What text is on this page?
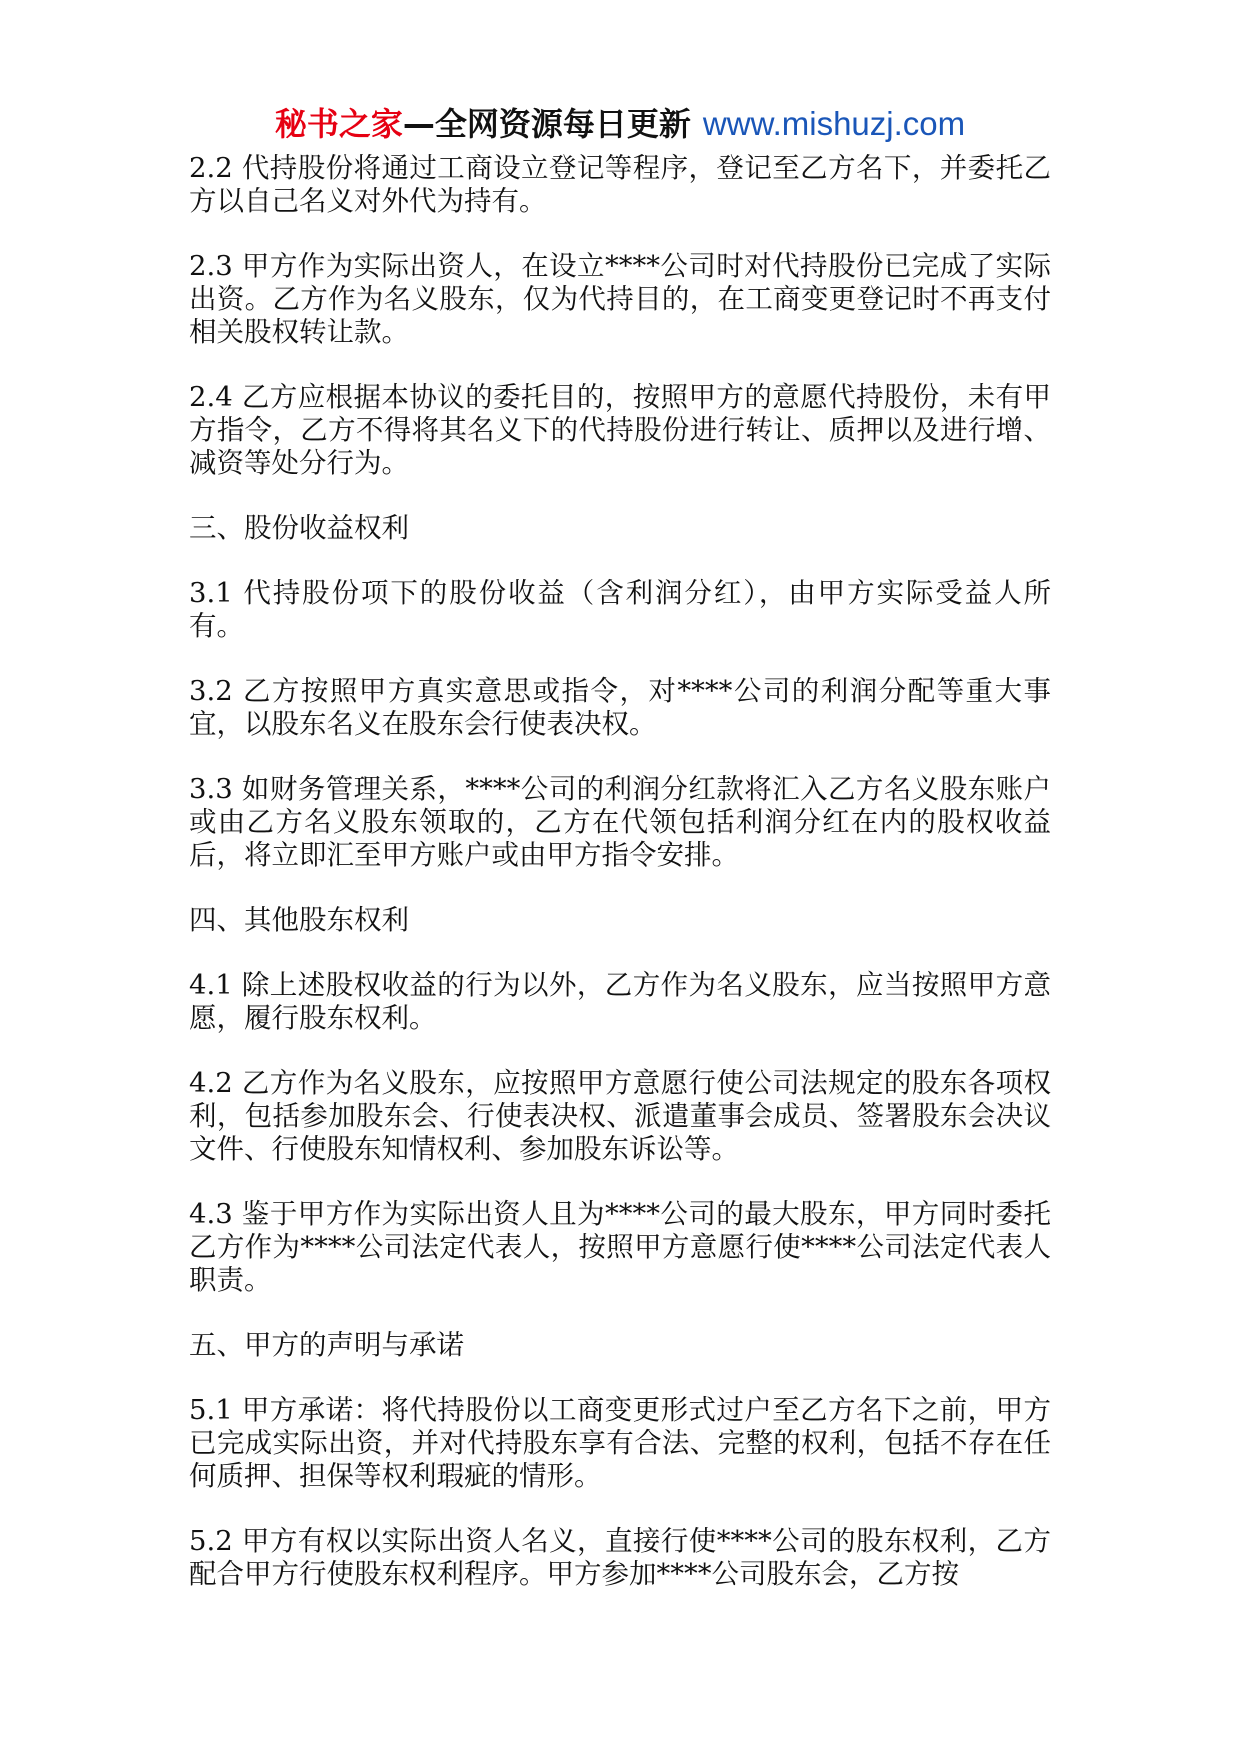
秘书之家—全网资源每日更新 www.mishuzj.com

2.2 代持股份将通过工商设立登记等程序，登记至乙方名下，并委托乙方以自己名义对外代为持有。

2.3 甲方作为实际出资人，在设立****公司时对代持股份已完成了实际出资。乙方作为名义股东，仅为代持目的，在工商变更登记时不再支付相关股权转让款。

2.4 乙方应根据本协议的委托目的，按照甲方的意愿代持股份，未有甲方指令，乙方不得将其名义下的代持股份进行转让、质押以及进行增、减资等处分行为。

三、股份收益权利

3.1 代持股份项下的股份收益（含利润分红），由甲方实际受益人所有。

3.2 乙方按照甲方真实意思或指令，对****公司的利润分配等重大事宜，以股东名义在股东会行使表决权。

3.3 如财务管理关系，****公司的利润分红款将汇入乙方名义股东账户或由乙方名义股东领取的，乙方在代领包括利润分红在内的股权收益后，将立即汇至甲方账户或由甲方指令安排。

四、其他股东权利

4.1 除上述股权收益的行为以外，乙方作为名义股东，应当按照甲方意愿，履行股东权利。

4.2 乙方作为名义股东，应按照甲方意愿行使公司法规定的股东各项权利，包括参加股东会、行使表决权、派遣董事会成员、签署股东会决议文件、行使股东知情权利、参加股东诉讼等。

4.3 鉴于甲方作为实际出资人且为****公司的最大股东，甲方同时委托乙方作为****公司法定代表人，按照甲方意愿行使****公司法定代表人职责。

五、甲方的声明与承诺

5.1 甲方承诺：将代持股份以工商变更形式过户至乙方名下之前，甲方已完成实际出资，并对代持股东享有合法、完整的权利，包括不存在任何质押、担保等权利瑕疵的情形。

5.2 甲方有权以实际出资人名义，直接行使****公司的股东权利，乙方配合甲方行使股东权利程序。甲方参加****公司股东会，乙方按
